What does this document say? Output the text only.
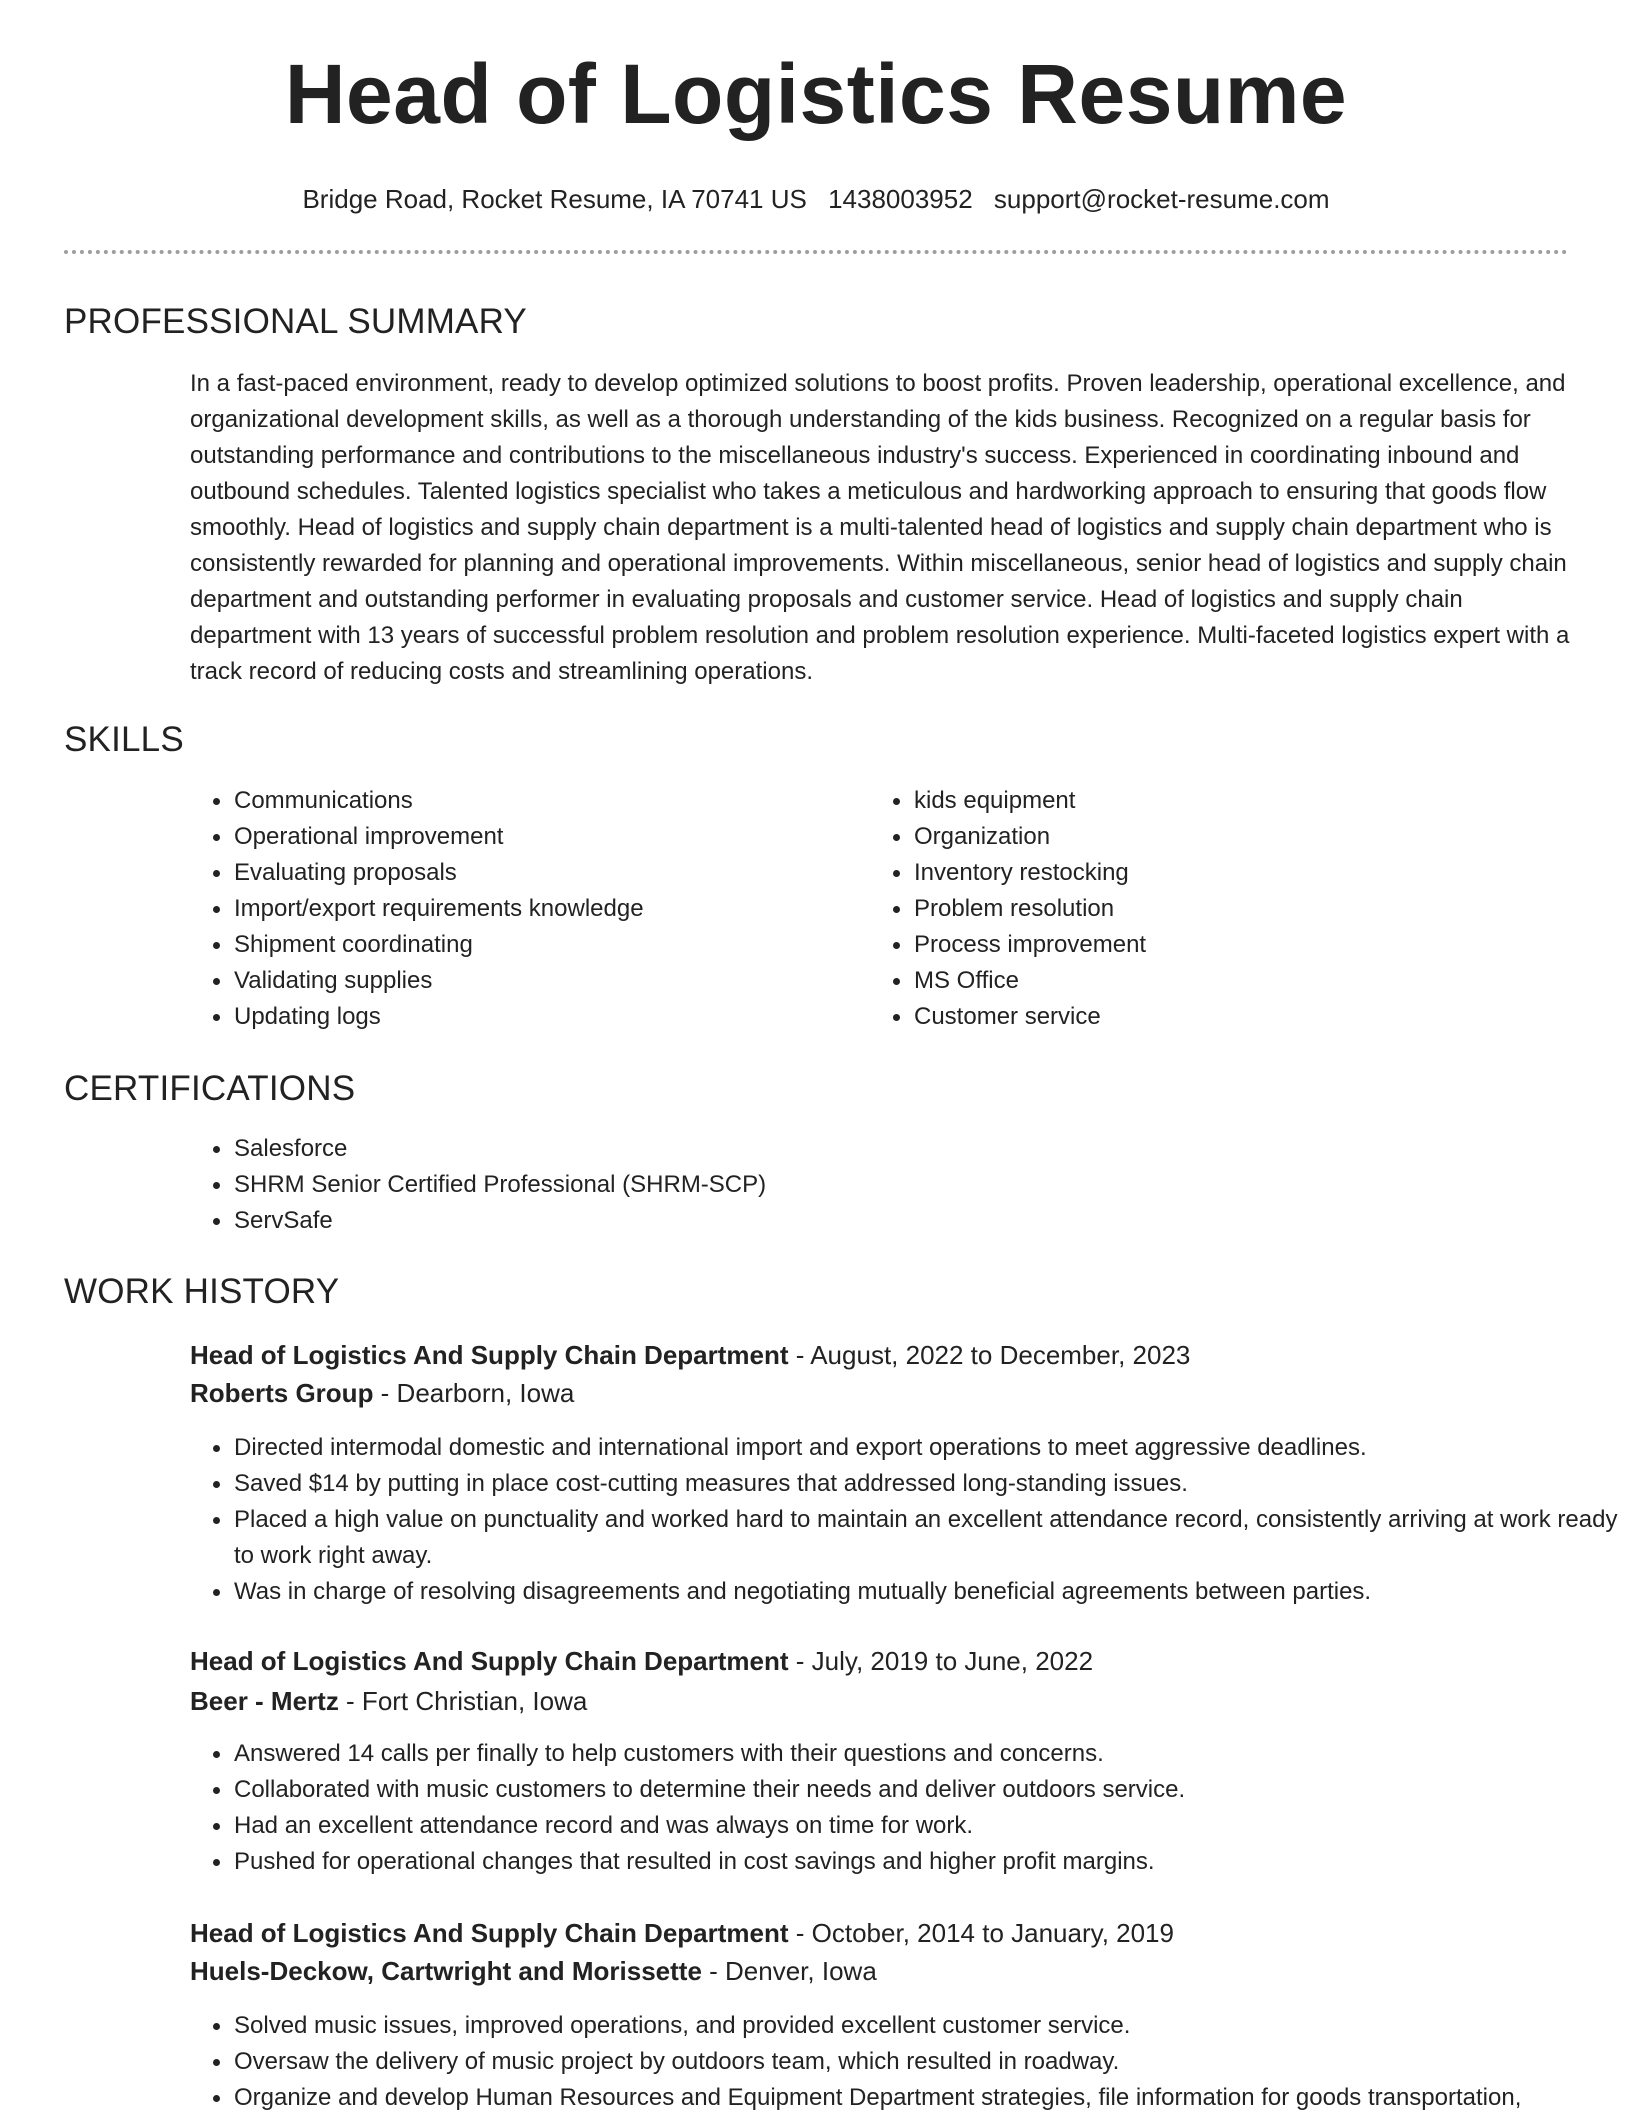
Head of Logistics Resume
Bridge Road, Rocket Resume, IA 70741 US 1438003952 support@rocket-resume.com
PROFESSIONAL SUMMARY

In a fast-paced environment, ready to develop optimized solutions to boost profits. Proven leadership, operational excellence, and organizational development skills, as well as a thorough understanding of the kids business. Recognized on a regular basis for outstanding performance and contributions to the miscellaneous industry's success. Experienced in coordinating inbound and outbound schedules. Talented logistics specialist who takes a meticulous and hardworking approach to ensuring that goods flow smoothly. Head of logistics and supply chain department is a multi-talented head of logistics and supply chain department who is consistently rewarded for planning and operational improvements. Within miscellaneous, senior head of logistics and supply chain department and outstanding performer in evaluating proposals and customer service. Head of logistics and supply chain department with 13 years of successful problem resolution and problem resolution experience. Multi-faceted logistics expert with a track record of reducing costs and streamlining operations.

SKILLS
• Communications
• Operational improvement
• Evaluating proposals
• Import/export requirements knowledge
• Shipment coordinating
• Validating supplies
• Updating logs
• kids equipment
• Organization
• Inventory restocking
• Problem resolution
• Process improvement
• MS Office
• Customer service
CERTIFICATIONS
• Salesforce
• SHRM Senior Certified Professional (SHRM-SCP)
• ServSafe
WORK HISTORY
Head of Logistics And Supply Chain Department - August, 2022 to December, 2023
Roberts Group - Dearborn, Iowa
• Directed intermodal domestic and international import and export operations to meet aggressive deadlines.
• Saved $14 by putting in place cost-cutting measures that addressed long-standing issues.
• Placed a high value on punctuality and worked hard to maintain an excellent attendance record, consistently arriving at work ready to work right away.
• Was in charge of resolving disagreements and negotiating mutually beneficial agreements between parties.
Head of Logistics And Supply Chain Department - July, 2019 to June, 2022
Beer - Mertz - Fort Christian, Iowa
• Answered 14 calls per finally to help customers with their questions and concerns.
• Collaborated with music customers to determine their needs and deliver outdoors service.
• Had an excellent attendance record and was always on time for work.
• Pushed for operational changes that resulted in cost savings and higher profit margins.
Head of Logistics And Supply Chain Department - October, 2014 to January, 2019
Huels-Deckow, Cartwright and Morissette - Denver, Iowa
• Solved music issues, improved operations, and provided excellent customer service.
• Oversaw the delivery of music project by outdoors team, which resulted in roadway.
• Organize and develop Human Resources and Equipment Department strategies, file information for goods transportation,
